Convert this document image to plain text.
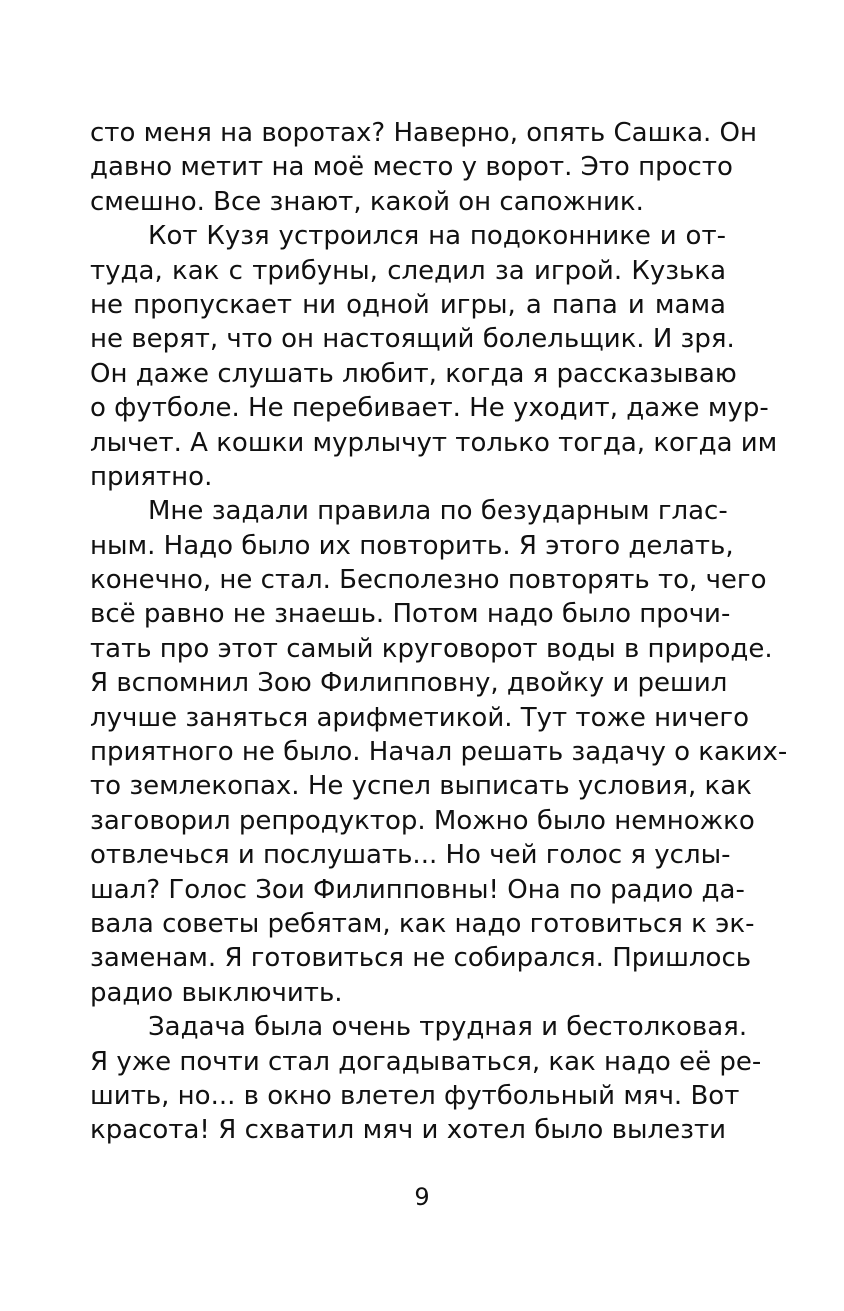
сто меня на воротах? Наверно, опять Сашка. Он
давно метит на моё место у ворот. Это просто
смешно. Все знают, какой он сапожник.
Кот Кузя устроился на подоконнике и от-
туда, как с трибуны, следил за игрой. Кузька
не пропускает ни одной игры, а папа и мама
не верят, что он настоящий болельщик. И зря.
Он даже слушать любит, когда я рассказываю
о футболе. Не перебивает. Не уходит, даже мур-
лычет. А кошки мурлычут только тогда, когда им
приятно.
Мне задали правила по безударным глас-
ным. Надо было их повторить. Я этого делать,
конечно, не стал. Бесполезно повторять то, чего
всё равно не знаешь. Потом надо было прочи-
тать про этот самый круговорот воды в природе.
Я вспомнил Зою Филипповну, двойку и решил
лучше заняться арифметикой. Тут тоже ничего
приятного не было. Начал решать задачу о каких-
то землекопах. Не успел выписать условия, как
заговорил репродуктор. Можно было немножко
отвлечься и послушать... Но чей голос я услы-
шал? Голос Зои Филипповны! Она по радио да-
вала советы ребятам, как надо готовиться к эк-
заменам. Я готовиться не собирался. Пришлось
радио выключить.
Задача была очень трудная и бестолковая.
Я уже почти стал догадываться, как надо её ре-
шить, но... в окно влетел футбольный мяч. Вот
красота! Я схватил мяч и хотел было вылезти
9
